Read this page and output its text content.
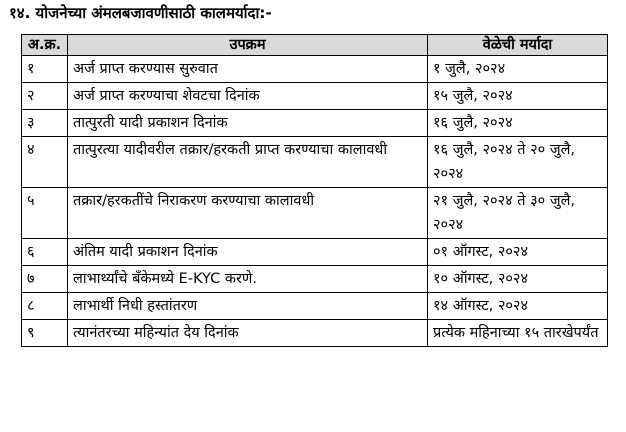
१४. योजनेच्या अंमलबजावणीसाठी कालमर्यादा:-
अ.क्र.	उपक्रम	वेळेची मर्यादा
१	अर्ज प्राप्त करण्यास सुरुवात	१ जुलै, २०२४
२	अर्ज प्राप्त करण्याचा शेवटचा दिनांक	१५ जुलै, २०२४
३	तात्पुरती यादी प्रकाशन दिनांक	१६ जुलै, २०२४
४	तात्पुरत्या यादीवरील तक्रार/हरकती प्राप्त करण्याचा कालावधी	१६ जुलै, २०२४ ते २० जुलै, २०२४
५	तक्रार/हरकतींचे निराकरण करण्याचा कालावधी	२१ जुलै, २०२४ ते ३० जुलै, २०२४
६	अंतिम यादी प्रकाशन दिनांक	०१ ऑगस्ट, २०२४
७	लाभार्थ्यांचे बँकेमध्ये E-KYC करणे.	१० ऑगस्ट, २०२४
८	लाभार्थी निधी हस्तांतरण	१४ ऑगस्ट, २०२४
९	त्यानंतरच्या महिन्यांत देय दिनांक	प्रत्येक महिनाच्या १५ तारखेपर्यंत
